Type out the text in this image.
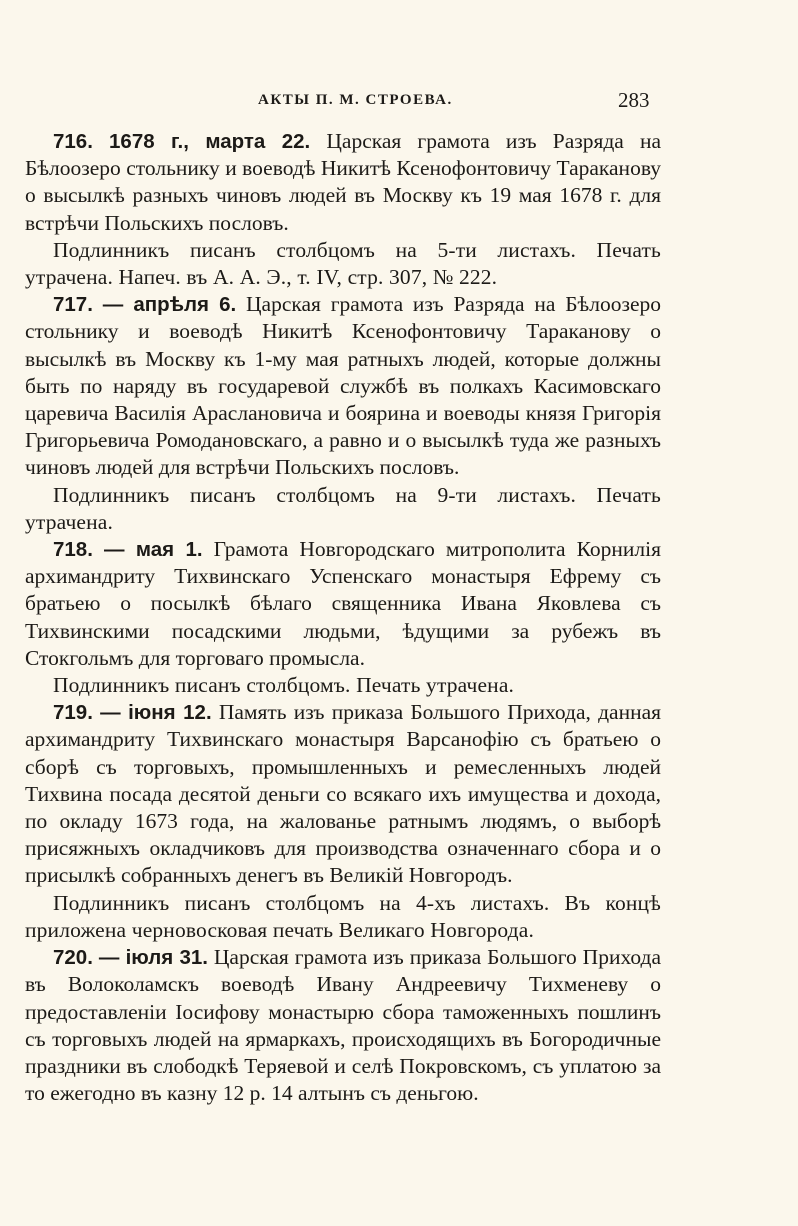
АКТЫ П. М. СТРОЕВА.	283

716. 1678 г., марта 22. Царская грамота изъ Разряда на Бѣлоозеро стольнику и воеводѣ Никитѣ Ксенофонтовичу Тараканову о высылкѣ разныхъ чиновъ людей въ Москву къ 19 мая 1678 г. для встрѣчи Польскихъ пословъ.

Подлинникъ писанъ столбцомъ на 5-ти листахъ. Печать утрачена. Напеч. въ А. А. Э., т. IV, стр. 307, № 222.

717. — апрѣля 6. Царская грамота изъ Разряда на Бѣлоозеро стольнику и воеводѣ Никитѣ Ксенофонтовичу Тараканову о высылкѣ въ Москву къ 1-му мая ратныхъ людей, которые должны быть по наряду въ государевой службѣ въ полкахъ Касимовскаго царевича Василія Арасланoвича и боярина и воеводы князя Григорія Григорьевича Ромодановскаго, а равно и о высылкѣ туда же разныхъ чиновъ людей для встрѣчи Польскихъ пословъ.

Подлинникъ писанъ столбцомъ на 9-ти листахъ. Печать утрачена.

718. — мая 1. Грамота Новгородскаго митрополита Корнилія архимандриту Тихвинскаго Успенскаго монастыря Ефрему съ братьею о посылкѣ бѣлаго священника Ивана Яковлева съ Тихвинскими посадскими людьми, ѣдущими за рубежъ въ Стокгольмъ для торговаго промысла.

Подлинникъ писанъ столбцомъ. Печать утрачена.

719. — іюня 12. Память изъ приказа Большого Прихода, данная архимандриту Тихвинскаго монастыря Варсанофію съ братьею о сборѣ съ торговыхъ, промышленныхъ и ремесленныхъ людей Тихвина посада десятой деньги со всякаго ихъ имущества и дохода, по окладу 1673 года, на жалованье ратнымъ людямъ, о выборѣ присяжныхъ окладчиковъ для производства означеннаго сбора и о присылкѣ собранныхъ денегъ въ Великій Новгородъ.

Подлинникъ писанъ столбцомъ на 4-хъ листахъ. Въ концѣ приложена черновосковая печать Великаго Новгорода.

720. — іюля 31. Царская грамота изъ приказа Большого Прихода въ Волоколамскъ воеводѣ Ивану Андреевичу Тихменеву о предоставленіи Іосифову монастырю сбора таможенныхъ пошлинъ съ торговыхъ людей на ярмаркахъ, происходящихъ въ Богородичные праздники въ слободкѣ Теряевой и селѣ Покровскомъ, съ уплатою за то ежегодно въ казну 12 р. 14 алтынъ съ деньгою.
